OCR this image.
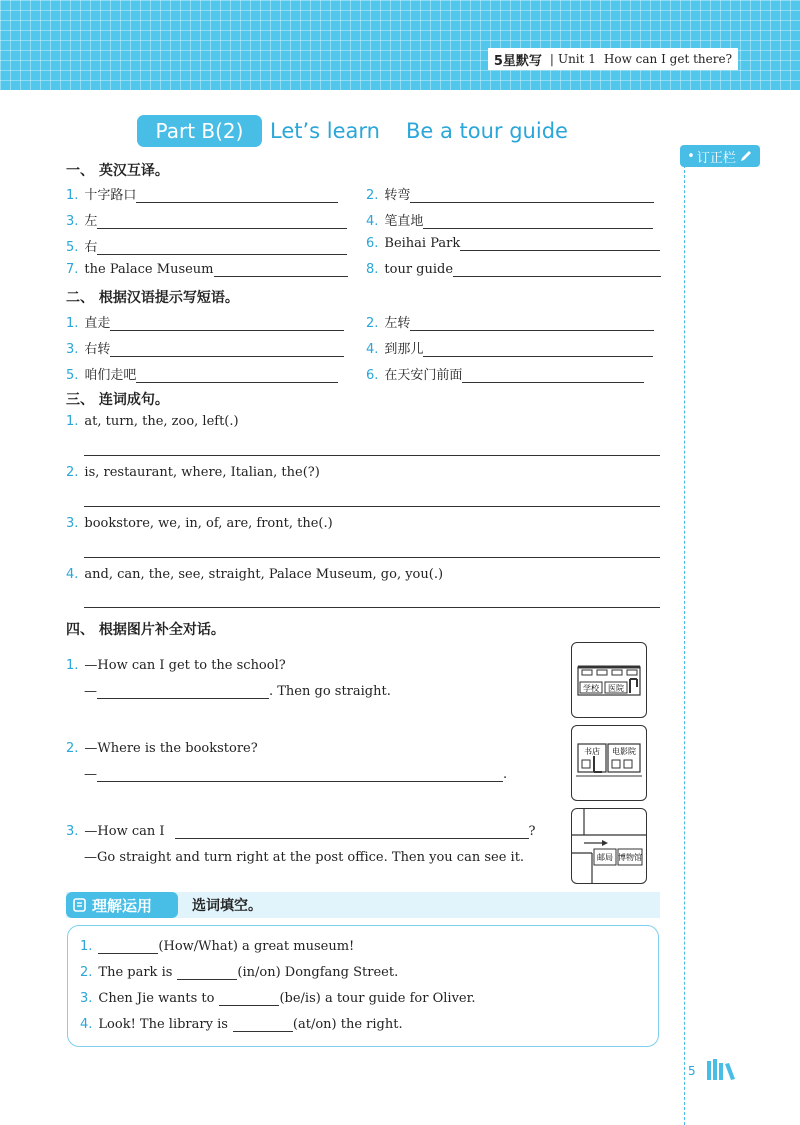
5星默写 | Unit 1 How can I get there?
Part B(2)	Let’s learn Be a tour guide
• 订正栏
一、 英汉互译。
1. 十字路口	2. 转弯
3. 左	4. 笔直地
5. 右	6. Beihai Park
7. the Palace Museum	8. tour guide
二、 根据汉语提示写短语。
1. 直走	2. 左转
3. 右转	4. 到那儿
5. 咱们走吧	6. 在天安门前面
三、 连词成句。
1. at, turn, the, zoo, left(.)
2. is, restaurant, where, Italian, the(?)
3. bookstore, we, in, of, are, front, the(.)
4. and, can, the, see, straight, Palace Museum, go, you(.)
四、 根据图片补全对话。
1. —How can I get to the school?
—	. Then go straight.
2. —Where is the bookstore?
—	.
3. —How can I	?
—Go straight and turn right at the post office. Then you can see it.
学校 医院
书店 电影院
邮局 博物馆
理解运用	选词填空。
1.	(How/What) a great museum!
2. The park is	(in/on) Dongfang Street.
3. Chen Jie wants to	(be/is) a tour guide for Oliver.
4. Look! The library is	(at/on) the right.
5
